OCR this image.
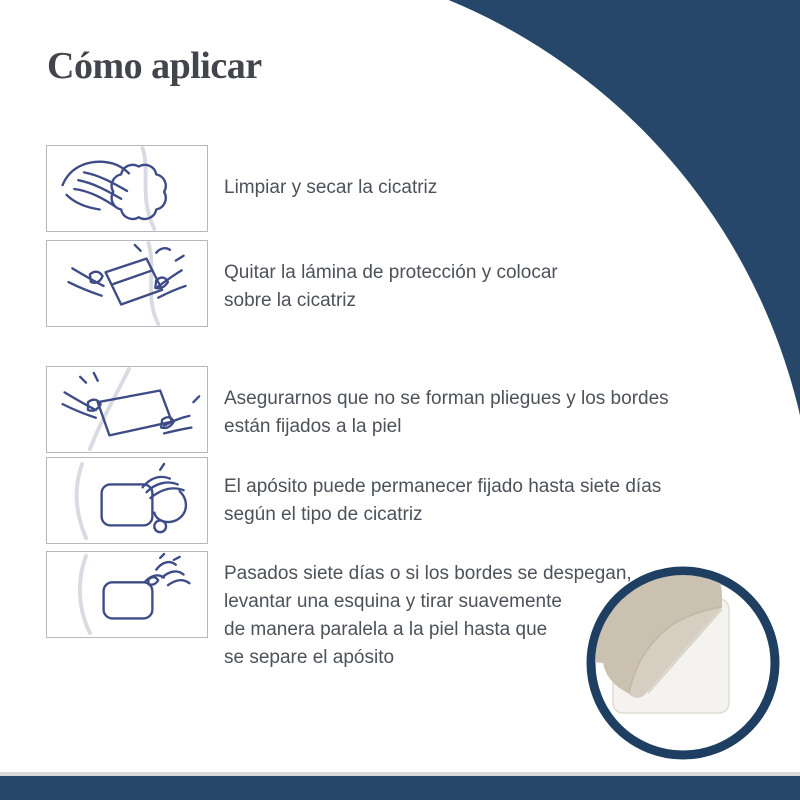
Cómo aplicar
Limpiar y secar la cicatriz
Quitar la lámina de protección y colocar
sobre la cicatriz
Asegurarnos que no se forman pliegues y los bordes
están fijados a la piel
El apósito puede permanecer fijado hasta siete días
según el tipo de cicatriz
Pasados siete días o si los bordes se despegan,
levantar una esquina y tirar suavemente
de manera paralela a la piel hasta que
se separe el apósito
